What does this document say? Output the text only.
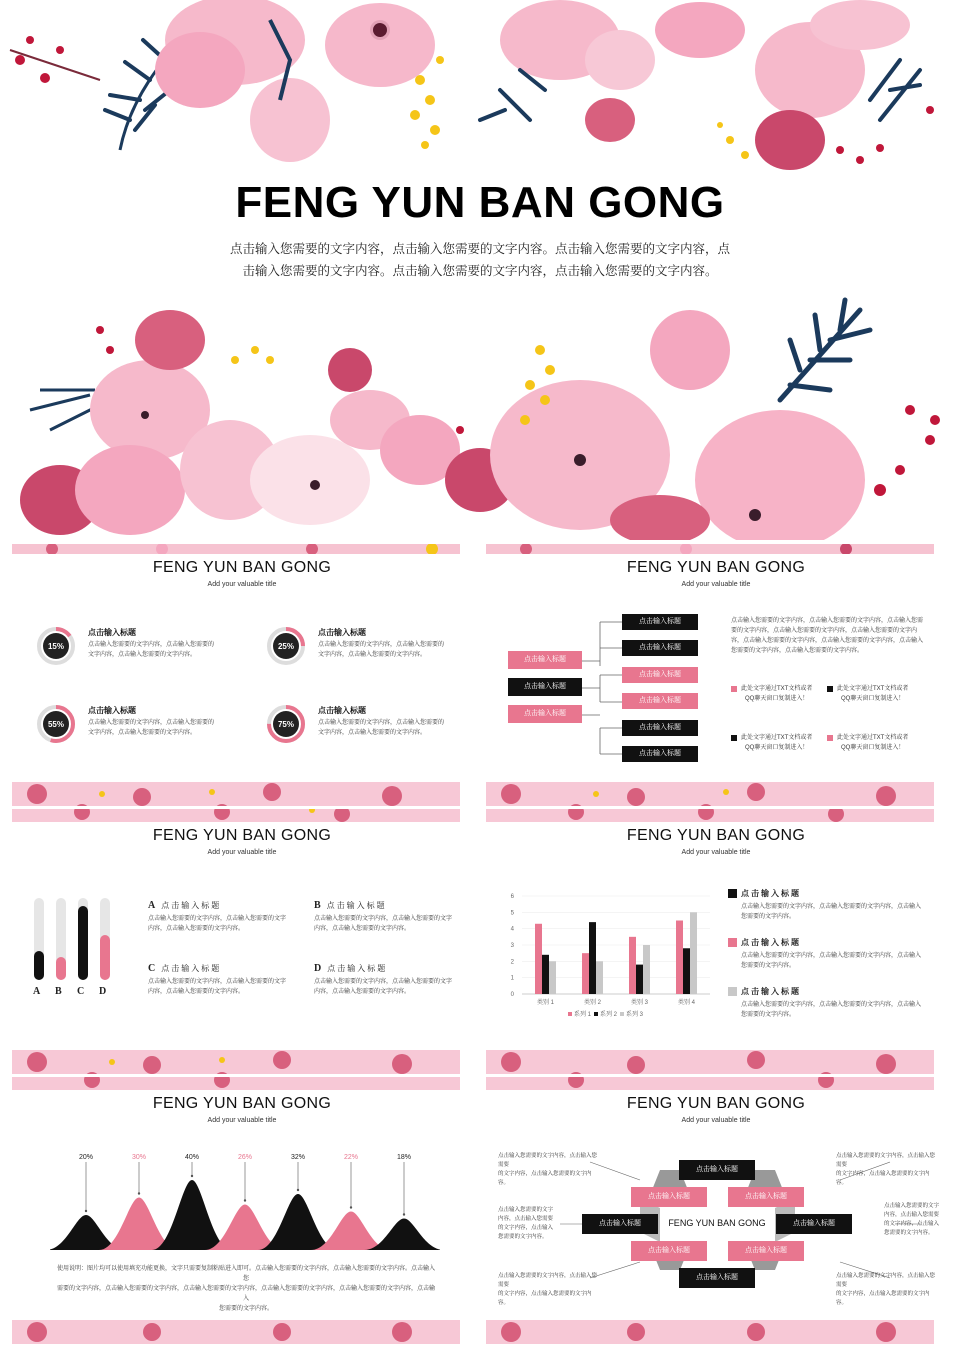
FENG YUN BAN GONG
点击输入您需要的文字内容，点击输入您需要的文字内容。点击输入您需要的文字内容，点
击输入您需要的文字内容。点击输入您需要的文字内容，点击输入您需要的文字内容。
FENG YUN BAN GONG
Add your valuable title
15%
点击输入标题
点击输入您需要的文字内容，点击输入您需要的
文字内容，点击输入您需要的文字内容。
25%
点击输入标题
点击输入您需要的文字内容，点击输入您需要的
文字内容，点击输入您需要的文字内容。
55%
点击输入标题
点击输入您需要的文字内容，点击输入您需要的
文字内容，点击输入您需要的文字内容。
75%
点击输入标题
点击输入您需要的文字内容，点击输入您需要的
文字内容，点击输入您需要的文字内容。
FENG YUN BAN GONG
Add your valuable title
点击输入标题
点击输入标题
点击输入标题
点击输入标题
点击输入标题
点击输入标题
点击输入标题
点击输入标题
点击输入标题
点击输入您需要的文字内容，点击输入您需要的文字内容，点击输入您需
要的文字内容，点击输入您需要的文字内容，点击输入您需要的文字内
容，点击输入您需要的文字内容，点击输入您需要的文字内容，点击输入
您需要的文字内容，点击输入您需要的文字内容。
此处文字通过TXT文档或者
QQ聊天窗口复制进入！
此处文字通过TXT文档或者
QQ聊天窗口复制进入！
此处文字通过TXT文档或者
QQ聊天窗口复制进入！
此处文字通过TXT文档或者
QQ聊天窗口复制进入！
FENG YUN BAN GONG
Add your valuable title
A B C D
A 点击输入标题
点击输入您需要的文字内容，点击输入您需要的文字
内容，点击输入您需要的文字内容。
B 点击输入标题
点击输入您需要的文字内容，点击输入您需要的文字
内容，点击输入您需要的文字内容。
C 点击输入标题
点击输入您需要的文字内容，点击输入您需要的文字
内容，点击输入您需要的文字内容。
D 点击输入标题
点击输入您需要的文字内容，点击输入您需要的文字
内容，点击输入您需要的文字内容。
FENG YUN BAN GONG
Add your valuable title
0
1
2
3
4
5
6
类别 1	类别 2	类别 3	类别 4
系列 1 系列 2 系列 3
点击输入标题
点击输入您需要的文字内容，点击输入您需要的文字内容，点击输入
您需要的文字内容。
点击输入标题
点击输入您需要的文字内容，点击输入您需要的文字内容，点击输入
您需要的文字内容。
点击输入标题
点击输入您需要的文字内容，点击输入您需要的文字内容，点击输入
您需要的文字内容。
FENG YUN BAN GONG
Add your valuable title
20%	30%	40%	26%	32%	22%	18%
使用说明：图片均可以使用填充功能更换，文字只需要复制粘贴进入即可。点击输入您需要的文字内容，点击输入您需要的文字内容。点击输入您
需要的文字内容，点击输入您需要的文字内容，点击输入您需要的文字内容，点击输入您需要的文字内容，点击输入您需要的文字内容，点击输入
您需要的文字内容。
FENG YUN BAN GONG
Add your valuable title
点击输入标题
点击输入标题
点击输入标题	点击输入标题
点击输入标题	点击输入标题
点击输入标题	点击输入标题
FENG YUN BAN GONG
点击输入您需要的文字内容，点击输入您需要
的文字内容，点击输入您需要的文字内容。
点击输入您需要的文字内容，点击输入您需要
的文字内容，点击输入您需要的文字内容。
点击输入您需要的文字
内容，点击输入您需要
的文字内容，点击输入
您需要的文字内容。
点击输入您需要的文字
内容，点击输入您需要
的文字内容，点击输入
您需要的文字内容。
点击输入您需要的文字内容，点击输入您需要
的文字内容，点击输入您需要的文字内容。
点击输入您需要的文字内容，点击输入您需要
的文字内容，点击输入您需要的文字内容。
